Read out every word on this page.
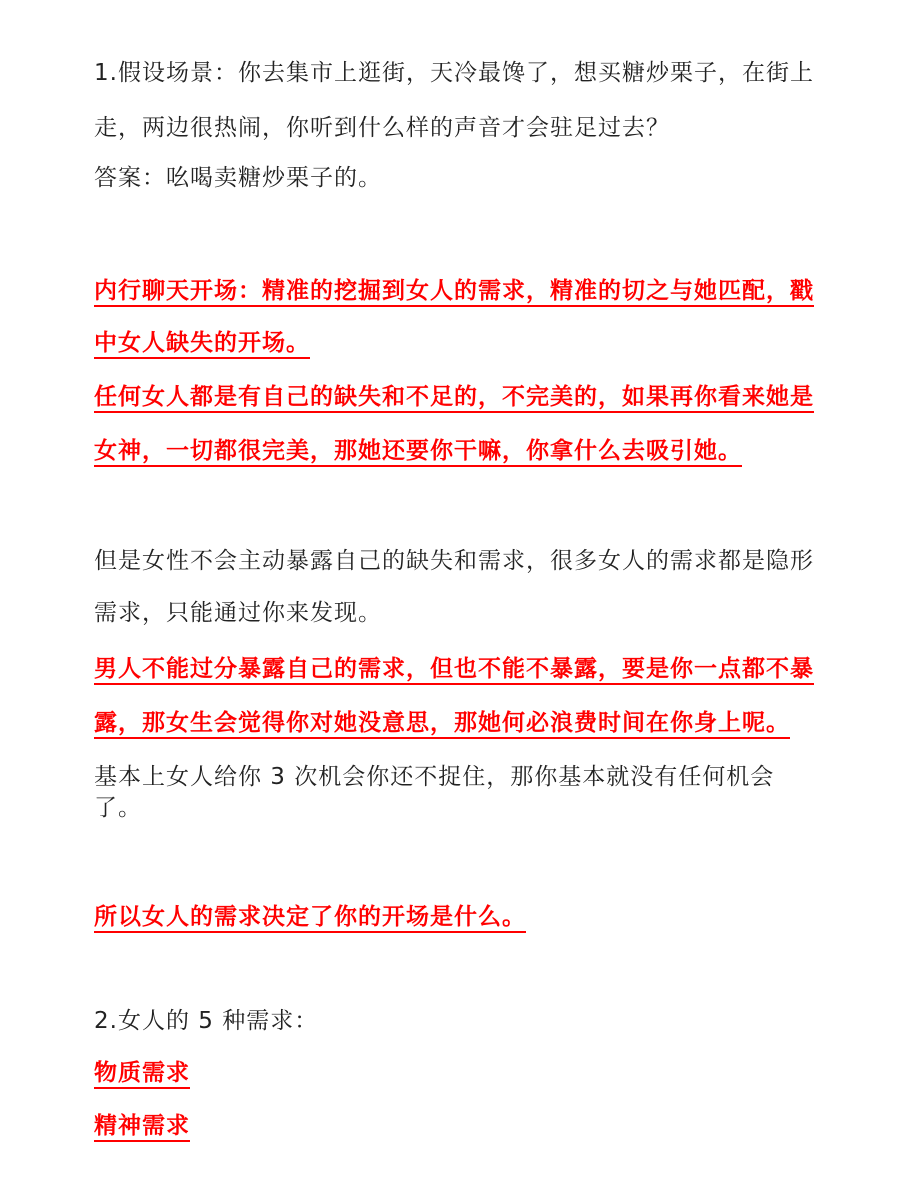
1.假设场景：你去集市上逛街，天冷最馋了，想买糖炒栗子，在街上

走，两边很热闹，你听到什么样的声音才会驻足过去？

答案：吆喝卖糖炒栗子的。

内行聊天开场：精准的挖掘到女人的需求，精准的切之与她匹配，戳

中女人缺失的开场。

任何女人都是有自己的缺失和不足的，不完美的，如果再你看来她是

女神，一切都很完美，那她还要你干嘛，你拿什么去吸引她。

但是女性不会主动暴露自己的缺失和需求，很多女人的需求都是隐形

需求，只能通过你来发现。

男人不能过分暴露自己的需求，但也不能不暴露，要是你一点都不暴

露，那女生会觉得你对她没意思，那她何必浪费时间在你身上呢。

基本上女人给你 3 次机会你还不捉住，那你基本就没有任何机会

了。

所以女人的需求决定了你的开场是什么。

2.女人的 5 种需求：

物质需求

精神需求
